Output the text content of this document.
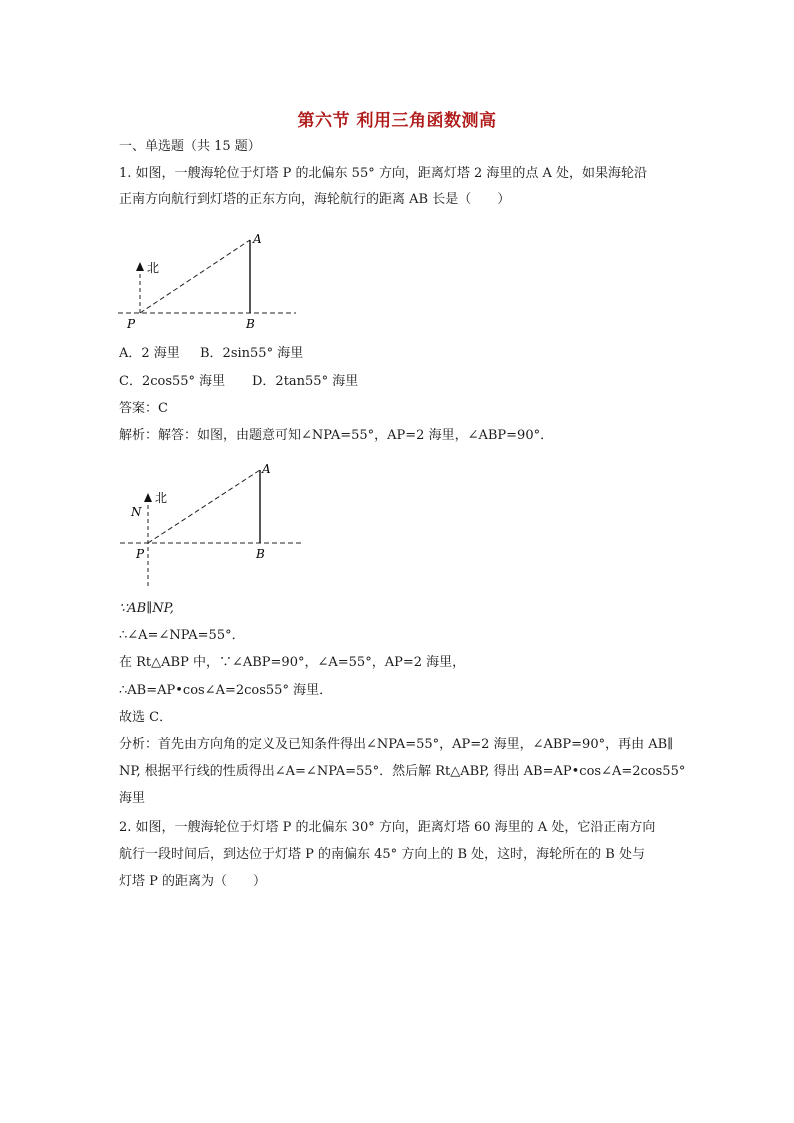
第六节 利用三角函数测高
一、单选题（共 15 题）
1. 如图，一艘海轮位于灯塔 P 的北偏东 55° 方向，距离灯塔 2 海里的点 A 处，如果海轮沿
正南方向航行到灯塔的正东方向，海轮航行的距离 AB 长是（　　）
北
P
A
B
A．2 海里 B．2sin55° 海里
C．2cos55° 海里 D．2tan55° 海里
答案：C
解析：解答：如图，由题意可知∠NPA=55°，AP=2 海里，∠ABP=90°．
北
N
P
A
B
∵AB∥NP,
∴∠A=∠NPA=55°．
在 Rt△ABP 中，∵∠ABP=90°，∠A=55°，AP=2 海里，
∴AB=AP•cos∠A=2cos55° 海里．
故选 C．
分析：首先由方向角的定义及已知条件得出∠NPA=55°，AP=2 海里，∠ABP=90°，再由 AB∥
NP, 根据平行线的性质得出∠A=∠NPA=55°．然后解 Rt△ABP, 得出 AB=AP•cos∠A=2cos55°
海里
2. 如图，一艘海轮位于灯塔 P 的北偏东 30° 方向，距离灯塔 60 海里的 A 处，它沿正南方向
航行一段时间后，到达位于灯塔 P 的南偏东 45° 方向上的 B 处，这时，海轮所在的 B 处与
灯塔 P 的距离为（　　）
